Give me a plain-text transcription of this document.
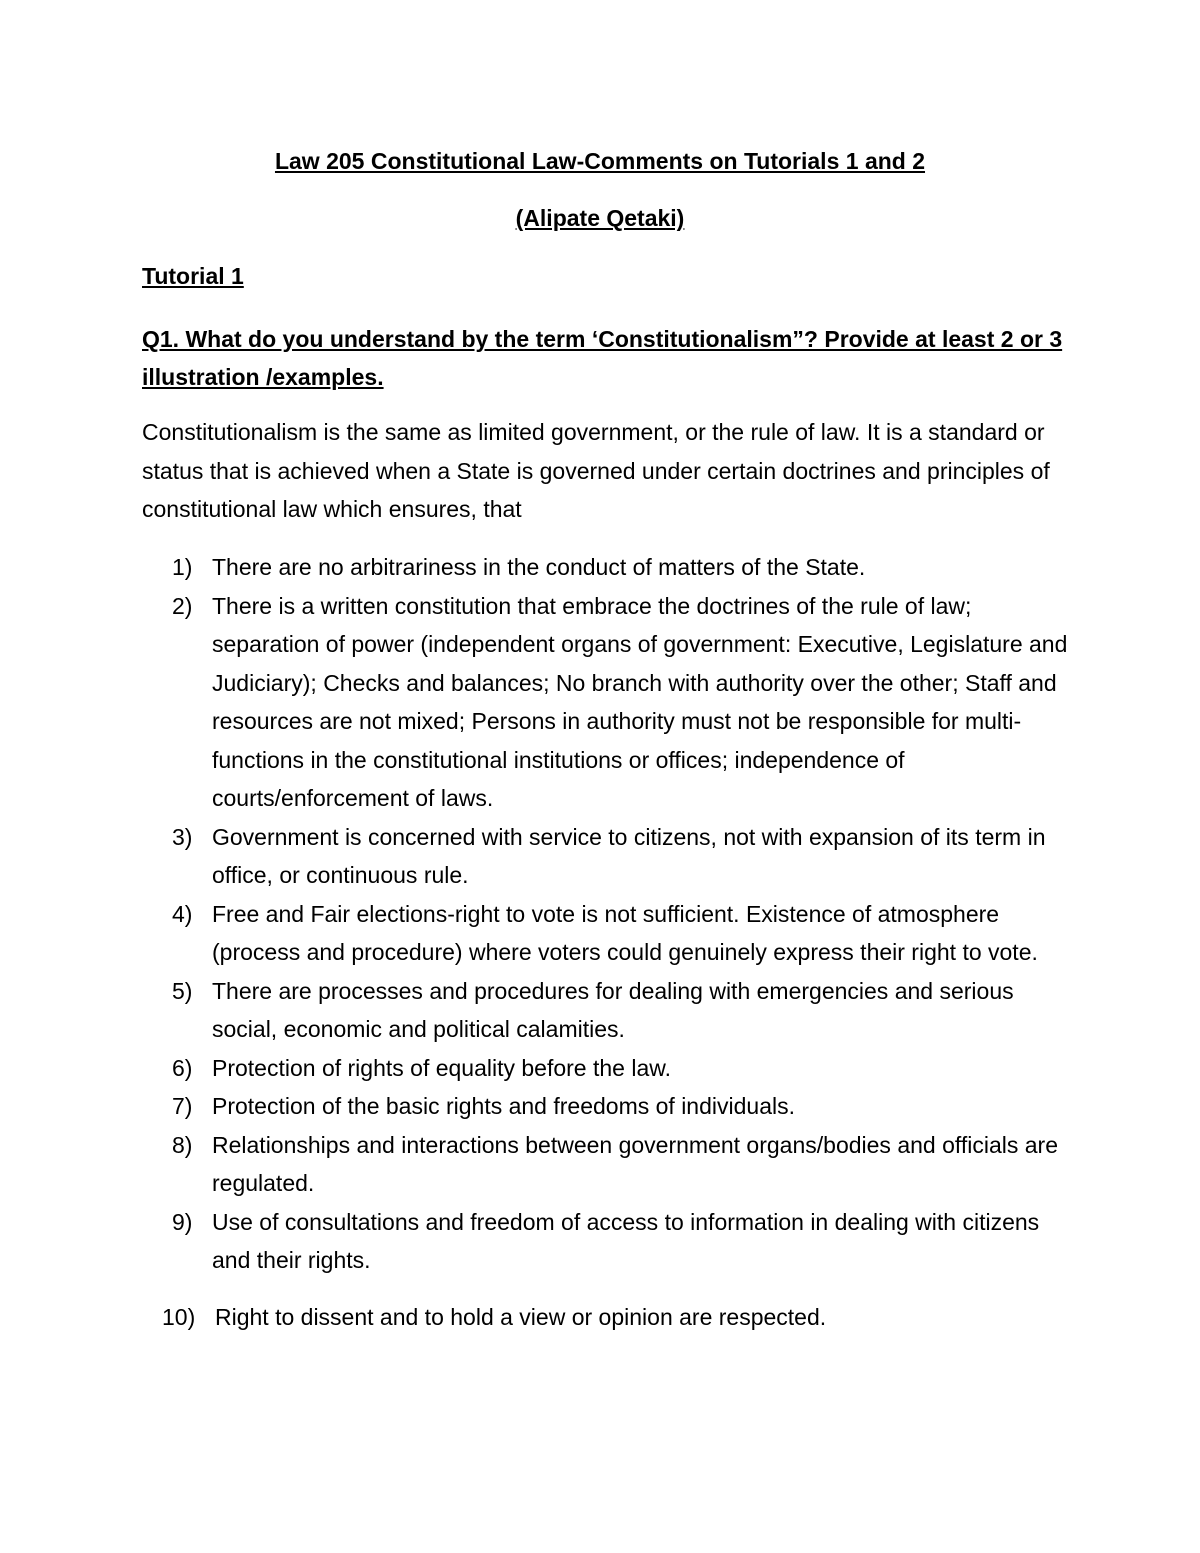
Law 205 Constitutional Law-Comments on Tutorials 1 and 2
(Alipate Qetaki)
Tutorial 1
Q1. What do you understand by the term ‘Constitutionalism”? Provide at least 2 or 3 illustration /examples.
Constitutionalism is the same as limited government, or the rule of law. It is a standard or status that is achieved when a State is governed under certain doctrines and principles of constitutional law which ensures, that
1) There are no arbitrariness in the conduct of matters of the State.
2) There is a written constitution that embrace the doctrines of the rule of law; separation of power (independent organs of government: Executive, Legislature and Judiciary); Checks and balances; No branch with authority over the other; Staff and resources are not mixed; Persons in authority must not be responsible for multi-functions in the constitutional institutions or offices; independence of courts/enforcement of laws.
3) Government is concerned with service to citizens, not with expansion of its term in office, or continuous rule.
4) Free and Fair elections-right to vote is not sufficient. Existence of atmosphere (process and procedure) where voters could genuinely express their right to vote.
5) There are processes and procedures for dealing with emergencies and serious social, economic and political calamities.
6) Protection of rights of equality before the law.
7) Protection of the basic rights and freedoms of individuals.
8) Relationships and interactions between government organs/bodies and officials are regulated.
9) Use of consultations and freedom of access to information in dealing with citizens and their rights.
10) Right to dissent and to hold a view or opinion are respected.
